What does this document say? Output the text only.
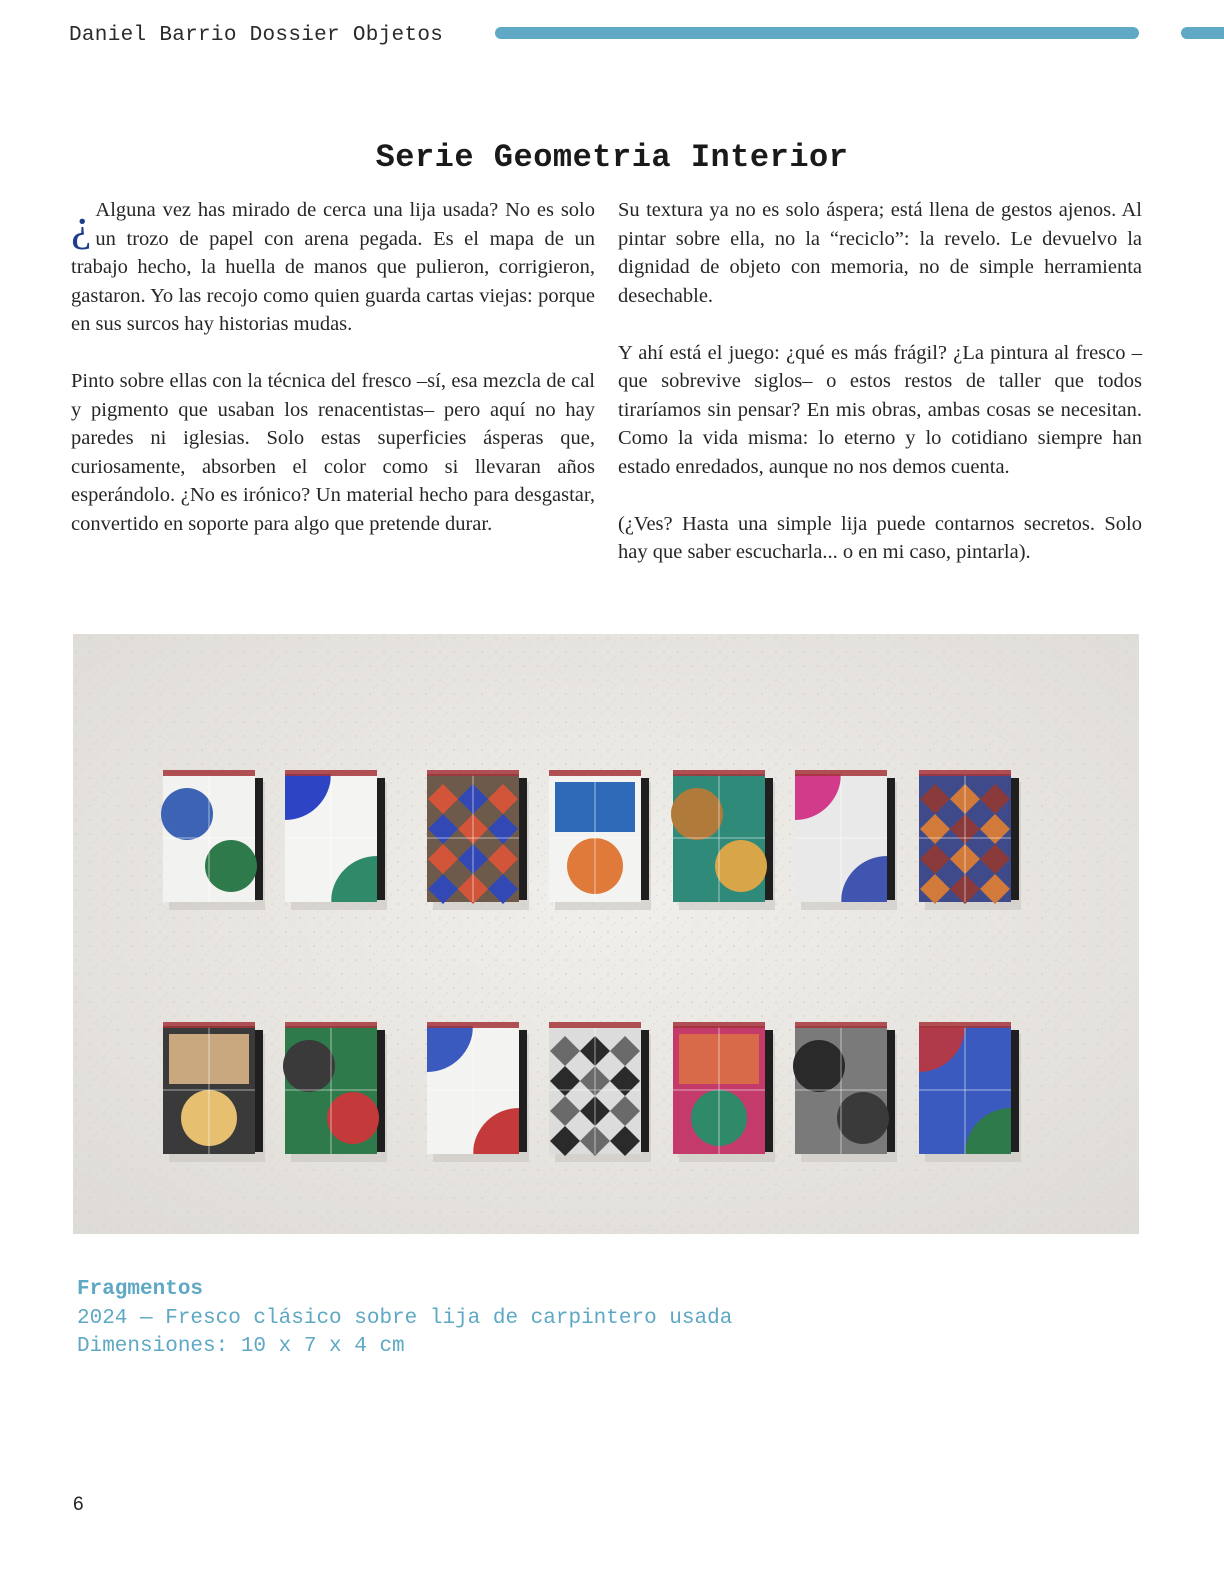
Daniel Barrio Dossier Objetos
Serie Geometria Interior

¿ Alguna vez has mirado de cerca una lija usada? No es solo un trozo de papel con arena pegada. Es el mapa de un trabajo hecho, la huella de manos que pulieron, corrigieron, gastaron. Yo las recojo como quien guarda cartas viejas: porque en sus surcos hay historias mudas.

Pinto sobre ellas con la técnica del fresco –sí, esa mezcla de cal y pigmento que usaban los renacentistas– pero aquí no hay paredes ni iglesias. Solo estas superficies ásperas que, curiosamente, absorben el color como si llevaran años esperándolo. ¿No es irónico? Un material hecho para desgastar, convertido en soporte para algo que pretende durar.

Su textura ya no es solo áspera; está llena de gestos ajenos. Al pintar sobre ella, no la “reciclo”: la revelo. Le devuelvo la dignidad de objeto con memoria, no de simple herramienta desechable.

Y ahí está el juego: ¿qué es más frágil? ¿La pintura al fresco –que sobrevive siglos– o estos restos de taller que todos tiraríamos sin pensar? En mis obras, ambas cosas se necesitan. Como la vida misma: lo eterno y lo cotidiano siempre han estado enredados, aunque no nos demos cuenta.

(¿Ves? Hasta una simple lija puede contarnos secretos. Solo hay que saber escucharla... o en mi caso, pintarla).

Fragmentos
2024 — Fresco clásico sobre lija de carpintero usada
Dimensiones: 10 x 7 x 4 cm
6
